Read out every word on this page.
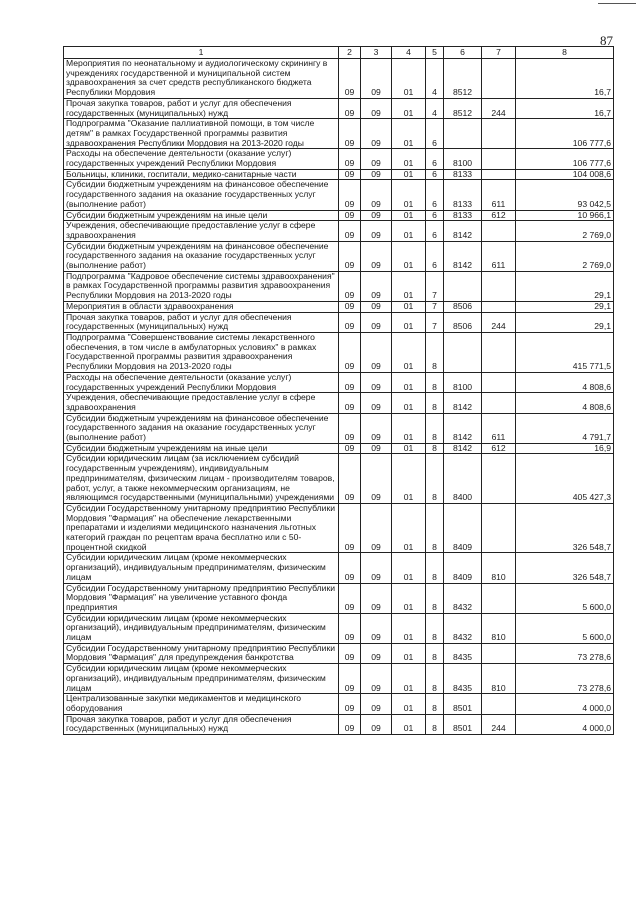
87
1	2	3	4	5	6	7	8
Мероприятия по неонатальному и аудиологическому скринингу в учреждениях государственной и муниципальной систем здравоохранения за счет средств республиканского бюджета Республики Мордовия	09	09	01	4	8512		16,7
Прочая закупка товаров, работ и услуг для обеспечения государственных (муниципальных) нужд	09	09	01	4	8512	244	16,7
Подпрограмма "Оказание паллиативной помощи, в том числе детям" в рамках Государственной программы развития здравоохранения Республики Мордовия на 2013-2020 годы	09	09	01	6			106 777,6
Расходы на обеспечение деятельности (оказание услуг) государственных учреждений Республики Мордовия	09	09	01	6	8100		106 777,6
Больницы, клиники, госпитали, медико-санитарные части	09	09	01	6	8133		104 008,6
Субсидии бюджетным учреждениям на финансовое обеспечение государственного задания на оказание государственных услуг (выполнение работ)	09	09	01	6	8133	611	93 042,5
Субсидии бюджетным учреждениям на иные цели	09	09	01	6	8133	612	10 966,1
Учреждения, обеспечивающие предоставление услуг в сфере здравоохранения	09	09	01	6	8142		2 769,0
Субсидии бюджетным учреждениям на финансовое обеспечение государственного задания на оказание государственных услуг (выполнение работ)	09	09	01	6	8142	611	2 769,0
Подпрограмма "Кадровое обеспечение системы здравоохранения" в рамках Государственной программы развития здравоохранения Республики Мордовия на 2013-2020 годы	09	09	01	7			29,1
Мероприятия в области здравоохранения	09	09	01	7	8506		29,1
Прочая закупка товаров, работ и услуг для обеспечения государственных (муниципальных) нужд	09	09	01	7	8506	244	29,1
Подпрограмма "Совершенствование системы лекарственного обеспечения, в том числе в амбулаторных условиях" в рамках Государственной программы развития здравоохранения Республики Мордовия на 2013-2020 годы	09	09	01	8			415 771,5
Расходы на обеспечение деятельности (оказание услуг) государственных учреждений Республики Мордовия	09	09	01	8	8100		4 808,6
Учреждения, обеспечивающие предоставление услуг в сфере здравоохранения	09	09	01	8	8142		4 808,6
Субсидии бюджетным учреждениям на финансовое обеспечение государственного задания на оказание государственных услуг (выполнение работ)	09	09	01	8	8142	611	4 791,7
Субсидии бюджетным учреждениям на иные цели	09	09	01	8	8142	612	16,9
Субсидии юридическим лицам (за исключением субсидий государственным учреждениям), индивидуальным предпринимателям, физическим лицам - производителям товаров, работ, услуг, а также некоммерческим организациям, не являющимся государственными (муниципальными) учреждениями	09	09	01	8	8400		405 427,3
Субсидии Государственному унитарному предприятию Республики Мордовия "Фармация" на обеспечение лекарственными препаратами и изделиями медицинского назначения льготных категорий граждан по рецептам врача бесплатно или с 50-процентной скидкой	09	09	01	8	8409		326 548,7
Субсидии юридическим лицам (кроме некоммерческих организаций), индивидуальным предпринимателям, физическим лицам	09	09	01	8	8409	810	326 548,7
Субсидии Государственному унитарному предприятию Республики Мордовия "Фармация" на увеличение уставного фонда предприятия	09	09	01	8	8432		5 600,0
Субсидии юридическим лицам (кроме некоммерческих организаций), индивидуальным предпринимателям, физическим лицам	09	09	01	8	8432	810	5 600,0
Субсидии Государственному унитарному предприятию Республики Мордовия "Фармация" для предупреждения банкротства	09	09	01	8	8435		73 278,6
Субсидии юридическим лицам (кроме некоммерческих организаций), индивидуальным предпринимателям, физическим лицам	09	09	01	8	8435	810	73 278,6
Централизованные закупки медикаментов и медицинского оборудования	09	09	01	8	8501		4 000,0
Прочая закупка товаров, работ и услуг для обеспечения государственных (муниципальных) нужд	09	09	01	8	8501	244	4 000,0
